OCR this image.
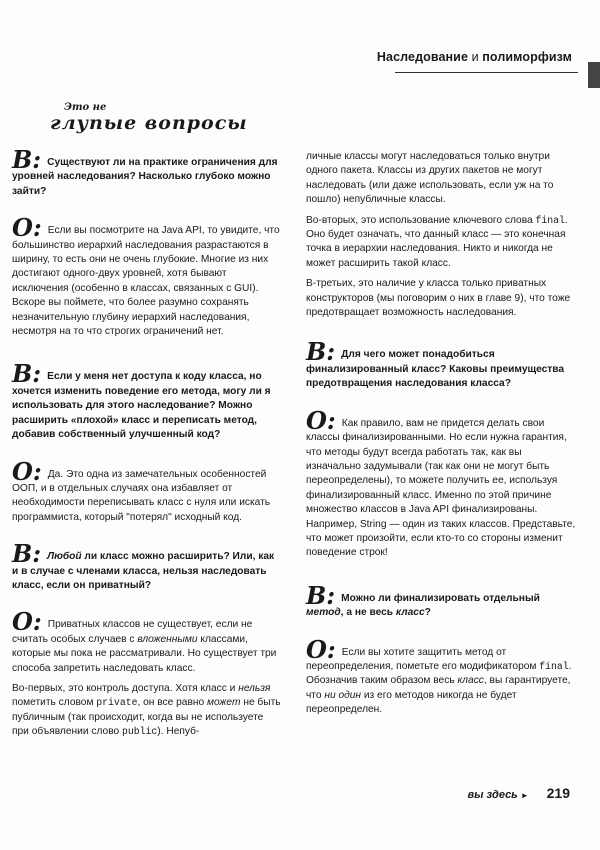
Наследование и полиморфизм
Это не
глупые вопросы
В: Существуют ли на практике ограничения для уровней наследования? Насколько глубоко можно зайти?
О: Если вы посмотрите на Java API, то увидите, что большинство иерархий наследования разрастаются в ширину, то есть они не очень глубокие. Многие из них достигают одного-двух уровней, хотя бывают исключения (особенно в классах, связанных с GUI). Вскоре вы поймете, что более разумно сохранять незначительную глубину иерархий наследования, несмотря на то что строгих ограничений нет.
В: Если у меня нет доступа к коду класса, но хочется изменить поведение его метода, могу ли я использовать для этого наследование? Можно расширить «плохой» класс и переписать метод, добавив собственный улучшенный код?
О: Да. Это одна из замечательных особенностей ООП, и в отдельных случаях она избавляет от необходимости переписывать класс с нуля или искать программиста, который "потерял" исходный код.
В: Любой ли класс можно расширить? Или, как и в случае с членами класса, нельзя наследовать класс, если он приватный?
О: Приватных классов не существует, если не считать особых случаев с вложенными классами, которые мы пока не рассматривали. Но существует три способа запретить наследовать класс.
Во-первых, это контроль доступа. Хотя класс и нельзя пометить словом private, он все равно может не быть публичным (так происходит, когда вы не используете при объявлении слово public). Непуб-
личные классы могут наследоваться только внутри одного пакета. Классы из других пакетов не могут наследовать (или даже использовать, если уж на то пошло) непубличные классы.
Во-вторых, это использование ключевого слова final. Оно будет означать, что данный класс — это конечная точка в иерархии наследования. Никто и никогда не может расширить такой класс.
В-третьих, это наличие у класса только приватных конструкторов (мы поговорим о них в главе 9), что тоже предотвращает возможность наследования.
В: Для чего может понадобиться финализированный класс? Каковы преимущества предотвращения наследования класса?
О: Как правило, вам не придется делать свои классы финализированными. Но если нужна гарантия, что методы будут всегда работать так, как вы изначально задумывали (так как они не могут быть переопределены), то можете получить ее, используя финализированный класс. Именно по этой причине множество классов в Java API финализированы. Например, String — один из таких классов. Представьте, что может произойти, если кто-то со стороны изменит поведение строк!
В: Можно ли финализировать отдельный метод, а не весь класс?
О: Если вы хотите защитить метод от переопределения, пометьте его модификатором final. Обозначив таким образом весь класс, вы гарантируете, что ни один из его методов никогда не будет переопределен.
вы здесь ► 219
